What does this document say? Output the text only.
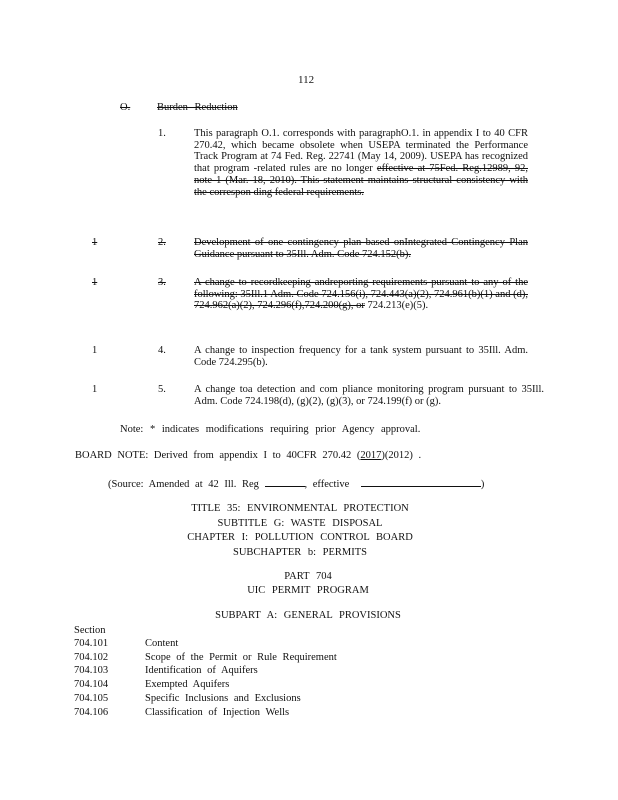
112
O.	Burden Reduction
1.	This paragraph O.1. corresponds with paragraphO.1. in appendix I to 40 CFR 270.42, which became obsolete when USEPA terminated the Performance Track Program at 74 Fed. Reg. 22741 (May 14, 2009). USEPA has recognized that program -related rules are no longer effective at 75Fed. Reg.12989, 92, note 1 (Mar. 18, 2010). This statement maintains structural consistency with the correspon ding federal requirements.
1	2.	Development of one contingency plan based onIntegrated Contingency Plan Guidance pursuant to 35Ill. Adm. Code 724.152(b).
1	3.	A change to recordkeeping andreporting requirements pursuant to any of the following: 35Ill.1 Adm. Code 724.156(i), 724.443(a)(2), 724.961(b)(1) and (d), 724.962(a)(2), 724.296(f),724.200(g), or 724.213(e)(5).
1	4.	A change to inspection frequency for a tank system pursuant to 35Ill. Adm. Code 724.295(b).
1	5.	A change toa detection and com pliance monitoring program pursuant to 35Ill. Adm. Code 724.198(d), (g)(2), (g)(3), or 724.199(f) or (g).
Note: * indicates modifications requiring prior Agency approval.
BOARD NOTE: Derived from appendix I to 40CFR 270.42 (2017)(2012) .
(Source: Amended at 42 Ill. Reg	, effective	)
TITLE 35: ENVIRONMENTAL PROTECTION
SUBTITLE G: WASTE DISPOSAL
CHAPTER I: POLLUTION CONTROL BOARD
SUBCHAPTER b: PERMITS
PART 704
UIC PERMIT PROGRAM
SUBPART A: GENERAL PROVISIONS
Section
704.101	Content
704.102	Scope of the Permit or Rule Requirement
704.103	Identification of Aquifers
704.104	Exempted Aquifers
704.105	Specific Inclusions and Exclusions
704.106	Classification of Injection Wells
